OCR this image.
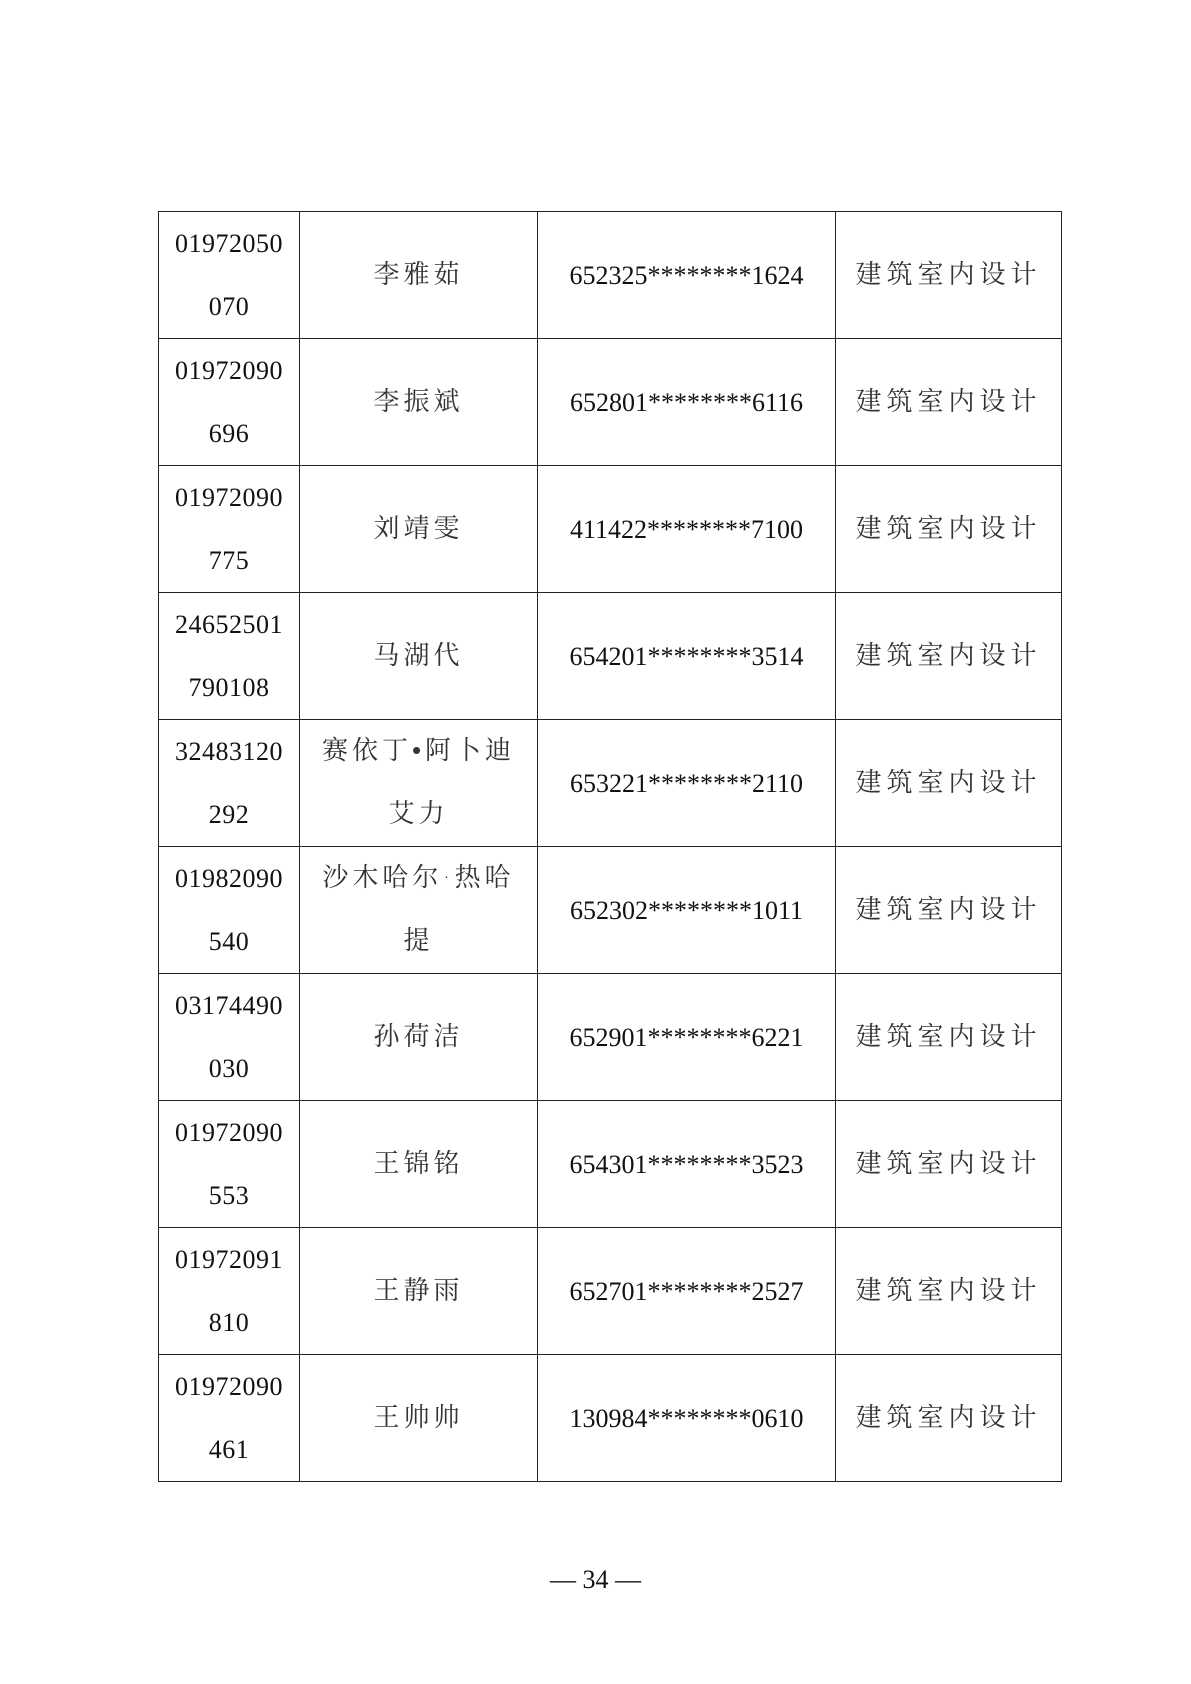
01972050070	李雅茹	652325********1624	建筑室内设计
01972090696	李振斌	652801********6116	建筑室内设计
01972090775	刘靖雯	411422********7100	建筑室内设计
24652501790108	马湖代	654201********3514	建筑室内设计
32483120292	赛依丁•阿卜迪艾力	653221********2110	建筑室内设计
01982090540	沙木哈尔·热哈提	652302********1011	建筑室内设计
03174490030	孙荷洁	652901********6221	建筑室内设计
01972090553	王锦铭	654301********3523	建筑室内设计
01972091810	王静雨	652701********2527	建筑室内设计
01972090461	王帅帅	130984********0610	建筑室内设计
— 34 —
